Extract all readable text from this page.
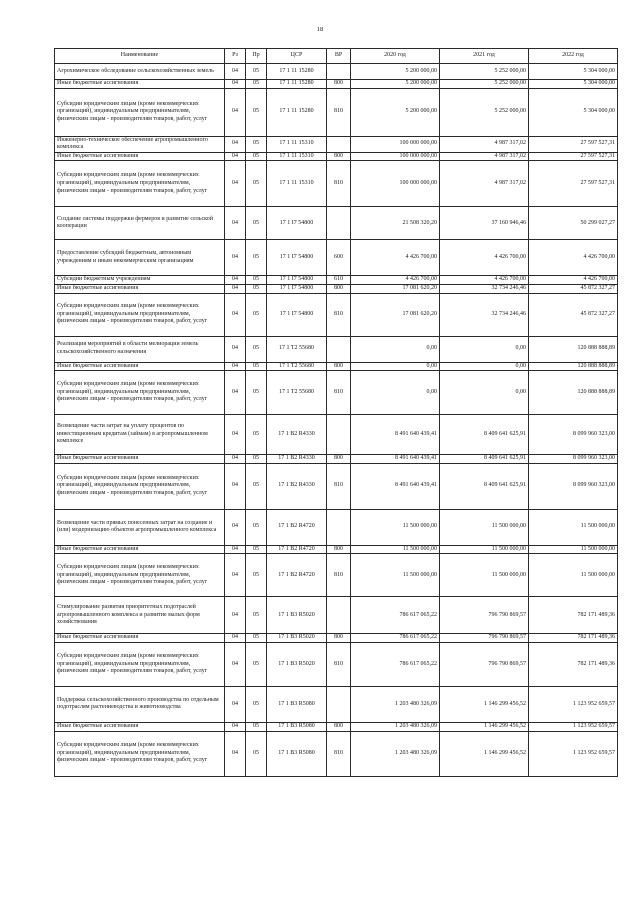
18
Наименование	Рз	Пр	ЦСР	ВР	2020 год	2021 год	2022 год
Агрохимическое обследование сельскохозяйственных земель	04	05	17 1 11 15280		5 200 000,00	5 252 000,00	5 304 000,00
Иные бюджетные ассигнования	04	05	17 1 11 15280	800	5 200 000,00	5 252 000,00	5 304 000,00
Субсидии юридическим лицам (кроме некоммерческих организаций), индивидуальным предпринимателям, физическим лицам - производителям товаров, работ, услуг	04	05	17 1 11 15280	810	5 200 000,00	5 252 000,00	5 304 000,00
Инженерно-техническое обеспечение агропромышленного комплекса	04	05	17 1 11 15310		100 000 000,00	4 987 317,02	27 597 527,31
Иные бюджетные ассигнования	04	05	17 1 11 15310	800	100 000 000,00	4 987 317,02	27 597 527,31
Субсидии юридическим лицам (кроме некоммерческих организаций), индивидуальным предпринимателям, физическим лицам - производителям товаров, работ, услуг	04	05	17 1 11 15310	810	100 000 000,00	4 987 317,02	27 597 527,31
Создание системы поддержки фермеров и развитие сельской кооперации	04	05	17 1 I7 54800		21 508 320,20	37 160 946,46	50 299 027,27
Предоставление субсидий бюджетным, автономным учреждениям и иным некоммерческим организациям	04	05	17 1 I7 54800	600	4 426 700,00	4 426 700,00	4 426 700,00
Субсидии бюджетным учреждениям	04	05	17 1 I7 54800	610	4 426 700,00	4 426 700,00	4 426 700,00
Иные бюджетные ассигнования	04	05	17 1 I7 54800	800	17 081 620,20	32 734 246,46	45 872 327,27
Субсидии юридическим лицам (кроме некоммерческих организаций), индивидуальным предпринимателям, физическим лицам - производителям товаров, работ, услуг	04	05	17 1 I7 54800	810	17 081 620,20	32 734 246,46	45 872 327,27
Реализация мероприятий в области мелиорации земель сельскохозяйственного назначения	04	05	17 1 T2 55680		0,00	0,00	120 888 888,89
Иные бюджетные ассигнования	04	05	17 1 T2 55680	800	0,00	0,00	120 888 888,89
Субсидии юридическим лицам (кроме некоммерческих организаций), индивидуальным предпринимателям, физическим лицам - производителям товаров, работ, услуг	04	05	17 1 T2 55680	810	0,00	0,00	120 888 888,89
Возмещение части затрат на уплату процентов по инвестиционным кредитам (займам) в агропромышленном комплексе	04	05	17 1 B2 R4330		8 491 640 439,41	8 409 641 625,91	8 099 960 323,00
Иные бюджетные ассигнования	04	05	17 1 B2 R4330	800	8 491 640 439,41	8 409 641 625,91	8 099 960 323,00
Субсидии юридическим лицам (кроме некоммерческих организаций), индивидуальным предпринимателям, физическим лицам - производителям товаров, работ, услуг	04	05	17 1 B2 R4330	810	8 491 640 439,41	8 409 641 625,91	8 099 960 323,00
Возмещение части прямых понесенных затрат на создание и (или) модернизацию объектов агропромышленного комплекса	04	05	17 1 B2 R4720		11 500 000,00	11 500 000,00	11 500 000,00
Иные бюджетные ассигнования	04	05	17 1 B2 R4720	800	11 500 000,00	11 500 000,00	11 500 000,00
Субсидии юридическим лицам (кроме некоммерческих организаций), индивидуальным предпринимателям, физическим лицам - производителям товаров, работ, услуг	04	05	17 1 B2 R4720	810	11 500 000,00	11 500 000,00	11 500 000,00
Стимулирование развития приоритетных подотраслей агропромышленного комплекса и развитие малых форм хозяйствования	04	05	17 1 B3 R5020		786 617 065,22	796 790 869,57	782 171 489,36
Иные бюджетные ассигнования	04	05	17 1 B3 R5020	800	786 617 065,22	796 790 869,57	782 171 489,36
Субсидии юридическим лицам (кроме некоммерческих организаций), индивидуальным предпринимателям, физическим лицам - производителям товаров, работ, услуг	04	05	17 1 B3 R5020	810	786 617 065,22	796 790 869,57	782 171 489,36
Поддержка сельскохозяйственного производства по отдельным подотраслям растениеводства и животноводства	04	05	17 1 B3 R5080		1 203 480 326,09	1 146 299 456,52	1 123 952 659,57
Иные бюджетные ассигнования	04	05	17 1 B3 R5080	800	1 203 480 326,09	1 146 299 456,52	1 123 952 659,57
Субсидии юридическим лицам (кроме некоммерческих организаций), индивидуальным предпринимателям, физическим лицам - производителям товаров, работ, услуг	04	05	17 1 B3 R5080	810	1 203 480 326,09	1 146 299 456,52	1 123 952 659,57
